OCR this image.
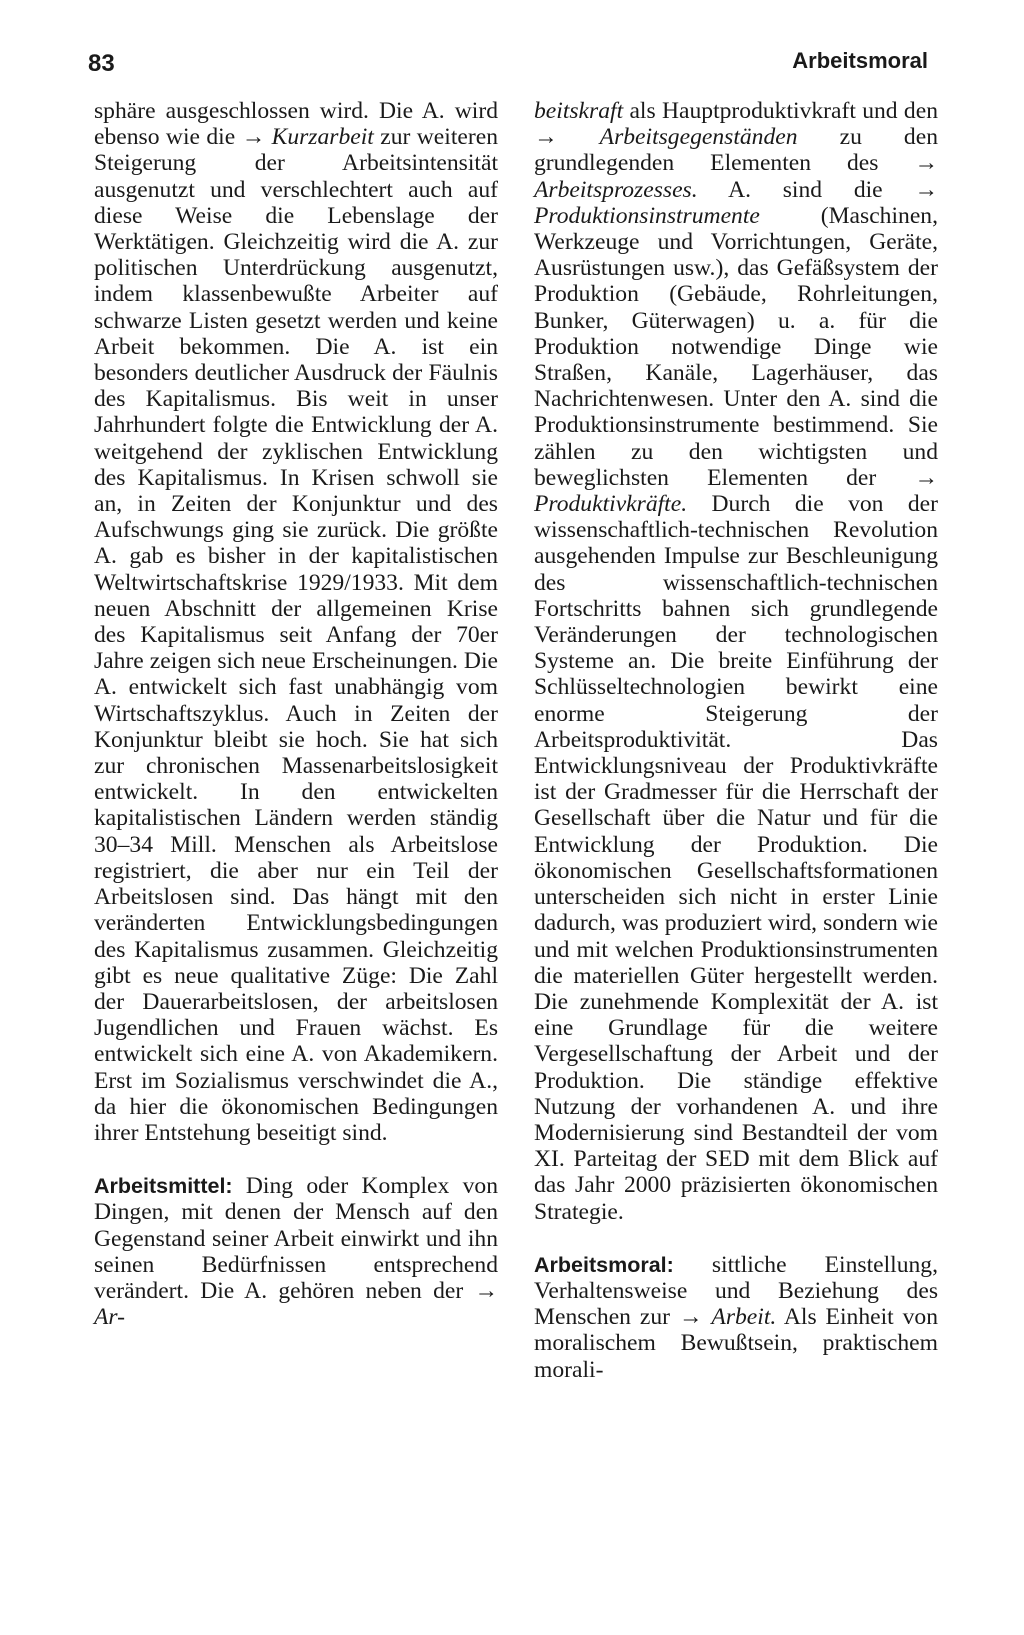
83	Arbeitsmoral

sphäre ausgeschlossen wird. Die A. wird ebenso wie die → Kurzarbeit zur weiteren Steigerung der Arbeitsintensität ausgenutzt und verschlechtert auch auf diese Weise die Lebenslage der Werktätigen. Gleichzeitig wird die A. zur politischen Unterdrückung ausgenutzt, indem klassenbewußte Arbeiter auf schwarze Listen gesetzt werden und keine Arbeit bekommen. Die A. ist ein besonders deutlicher Ausdruck der Fäulnis des Kapitalismus. Bis weit in unser Jahrhundert folgte die Entwicklung der A. weitgehend der zyklischen Entwicklung des Kapitalismus. In Krisen schwoll sie an, in Zeiten der Konjunktur und des Aufschwungs ging sie zurück. Die größte A. gab es bisher in der kapitalistischen Weltwirtschaftskrise 1929/1933. Mit dem neuen Abschnitt der allgemeinen Krise des Kapitalismus seit Anfang der 70er Jahre zeigen sich neue Erscheinungen. Die A. entwickelt sich fast unabhängig vom Wirtschaftszyklus. Auch in Zeiten der Konjunktur bleibt sie hoch. Sie hat sich zur chronischen Massenarbeitslosigkeit entwickelt. In den entwickelten kapitalistischen Ländern werden ständig 30–34 Mill. Menschen als Arbeitslose registriert, die aber nur ein Teil der Arbeitslosen sind. Das hängt mit den veränderten Entwicklungsbedingungen des Kapitalismus zusammen. Gleichzeitig gibt es neue qualitative Züge: Die Zahl der Dauerarbeitslosen, der arbeitslosen Jugendlichen und Frauen wächst. Es entwickelt sich eine A. von Akademikern. Erst im Sozialismus verschwindet die A., da hier die ökonomischen Bedingungen ihrer Entstehung beseitigt sind.

Arbeitsmittel: Ding oder Komplex von Dingen, mit denen der Mensch auf den Gegenstand seiner Arbeit einwirkt und ihn seinen Bedürfnissen entsprechend verändert. Die A. gehören neben der → Ar-

beitskraft als Hauptproduktivkraft und den → Arbeitsgegenständen zu den grundlegenden Elementen des → Arbeitsprozesses. A. sind die → Produktionsinstrumente (Maschinen, Werkzeuge und Vorrichtungen, Geräte, Ausrüstungen usw.), das Gefäßsystem der Produktion (Gebäude, Rohrleitungen, Bunker, Güterwagen) u. a. für die Produktion notwendige Dinge wie Straßen, Kanäle, Lagerhäuser, das Nachrichtenwesen. Unter den A. sind die Produktionsinstrumente bestimmend. Sie zählen zu den wichtigsten und beweglichsten Elementen der → Produktivkräfte. Durch die von der wissenschaftlich-technischen Revolution ausgehenden Impulse zur Beschleunigung des wissenschaftlich-technischen Fortschritts bahnen sich grundlegende Veränderungen der technologischen Systeme an. Die breite Einführung der Schlüsseltechnologien bewirkt eine enorme Steigerung der Arbeitsproduktivität. Das Entwicklungsniveau der Produktivkräfte ist der Gradmesser für die Herrschaft der Gesellschaft über die Natur und für die Entwicklung der Produktion. Die ökonomischen Gesellschaftsformationen unterscheiden sich nicht in erster Linie dadurch, was produziert wird, sondern wie und mit welchen Produktionsinstrumenten die materiellen Güter hergestellt werden. Die zunehmende Komplexität der A. ist eine Grundlage für die weitere Vergesellschaftung der Arbeit und der Produktion. Die ständige effektive Nutzung der vorhandenen A. und ihre Modernisierung sind Bestandteil der vom XI. Parteitag der SED mit dem Blick auf das Jahr 2000 präzisierten ökonomischen Strategie.

Arbeitsmoral: sittliche Einstellung, Verhaltensweise und Beziehung des Menschen zur → Arbeit. Als Einheit von moralischem Bewußtsein, praktischem morali-
